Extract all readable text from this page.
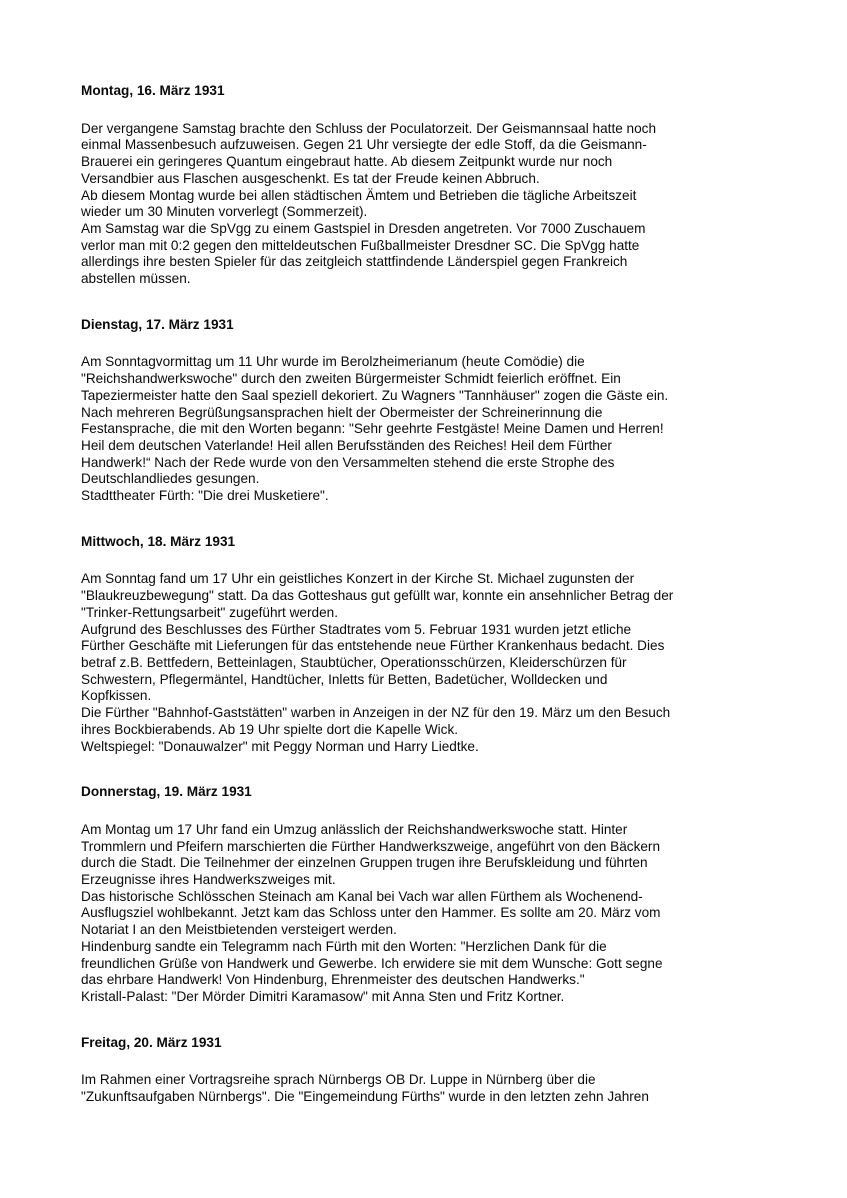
Montag, 16. März 1931
Der vergangene Samstag brachte den Schluss der Poculatorzeit. Der Geismannsaal hatte noch
einmal Massenbesuch aufzuweisen. Gegen 21 Uhr versiegte der edle Stoff, da die Geismann-
Brauerei ein geringeres Quantum eingebraut hatte. Ab diesem Zeitpunkt wurde nur noch
Versandbier aus Flaschen ausgeschenkt. Es tat der Freude keinen Abbruch.
Ab diesem Montag wurde bei allen städtischen Ämtem und Betrieben die tägliche Arbeitszeit
wieder um 30 Minuten vorverlegt (Sommerzeit).
Am Samstag war die SpVgg zu einem Gastspiel in Dresden angetreten. Vor 7000 Zuschauem
verlor man mit 0:2 gegen den mitteldeutschen Fußballmeister Dresdner SC. Die SpVgg hatte
allerdings ihre besten Spieler für das zeitgleich stattfindende Länderspiel gegen Frankreich
abstellen müssen.
Dienstag, 17. März 1931
Am Sonntagvormittag um 11 Uhr wurde im Berolzheimerianum (heute Comödie) die
"Reichshandwerkswoche" durch den zweiten Bürgermeister Schmidt feierlich eröffnet. Ein
Tapeziermeister hatte den Saal speziell dekoriert. Zu Wagners "Tannhäuser" zogen die Gäste ein.
Nach mehreren Begrüßungsansprachen hielt der Obermeister der Schreinerinnung die
Festansprache, die mit den Worten begann: "Sehr geehrte Festgäste! Meine Damen und Herren!
Heil dem deutschen Vaterlande! Heil allen Berufsständen des Reiches! Heil dem Fürther
Handwerk!“ Nach der Rede wurde von den Versammelten stehend die erste Strophe des
Deutschlandliedes gesungen.
Stadttheater Fürth: "Die drei Musketiere".
Mittwoch, 18. März 1931
Am Sonntag fand um 17 Uhr ein geistliches Konzert in der Kirche St. Michael zugunsten der
"Blaukreuzbewegung" statt. Da das Gotteshaus gut gefüllt war, konnte ein ansehnlicher Betrag der
"Trinker-Rettungsarbeit" zugeführt werden.
Aufgrund des Beschlusses des Fürther Stadtrates vom 5. Februar 1931 wurden jetzt etliche
Fürther Geschäfte mit Lieferungen für das entstehende neue Fürther Krankenhaus bedacht. Dies
betraf z.B. Bettfedern, Betteinlagen, Staubtücher, Operationsschürzen, Kleiderschürzen für
Schwestern, Pflegermäntel, Handtücher, Inletts für Betten, Badetücher, Wolldecken und
Kopfkissen.
Die Fürther "Bahnhof-Gaststätten" warben in Anzeigen in der NZ für den 19. März um den Besuch
ihres Bockbierabends. Ab 19 Uhr spielte dort die Kapelle Wick.
Weltspiegel: "Donauwalzer" mit Peggy Norman und Harry Liedtke.
Donnerstag, 19. März 1931
Am Montag um 17 Uhr fand ein Umzug anlässlich der Reichshandwerkswoche statt. Hinter
Trommlern und Pfeifern marschierten die Fürther Handwerkszweige, angeführt von den Bäckern
durch die Stadt. Die Teilnehmer der einzelnen Gruppen trugen ihre Berufskleidung und führten
Erzeugnisse ihres Handwerkszweiges mit.
Das historische Schlösschen Steinach am Kanal bei Vach war allen Fürthem als Wochenend-
Ausflugsziel wohlbekannt. Jetzt kam das Schloss unter den Hammer. Es sollte am 20. März vom
Notariat I an den Meistbietenden versteigert werden.
Hindenburg sandte ein Telegramm nach Fürth mit den Worten: "Herzlichen Dank für die
freundlichen Grüße von Handwerk und Gewerbe. Ich erwidere sie mit dem Wunsche: Gott segne
das ehrbare Handwerk! Von Hindenburg, Ehrenmeister des deutschen Handwerks."
Kristall-Palast: "Der Mörder Dimitri Karamasow" mit Anna Sten und Fritz Kortner.
Freitag, 20. März 1931
Im Rahmen einer Vortragsreihe sprach Nürnbergs OB Dr. Luppe in Nürnberg über die
"Zukunftsaufgaben Nürnbergs". Die "Eingemeindung Fürths" wurde in den letzten zehn Jahren
